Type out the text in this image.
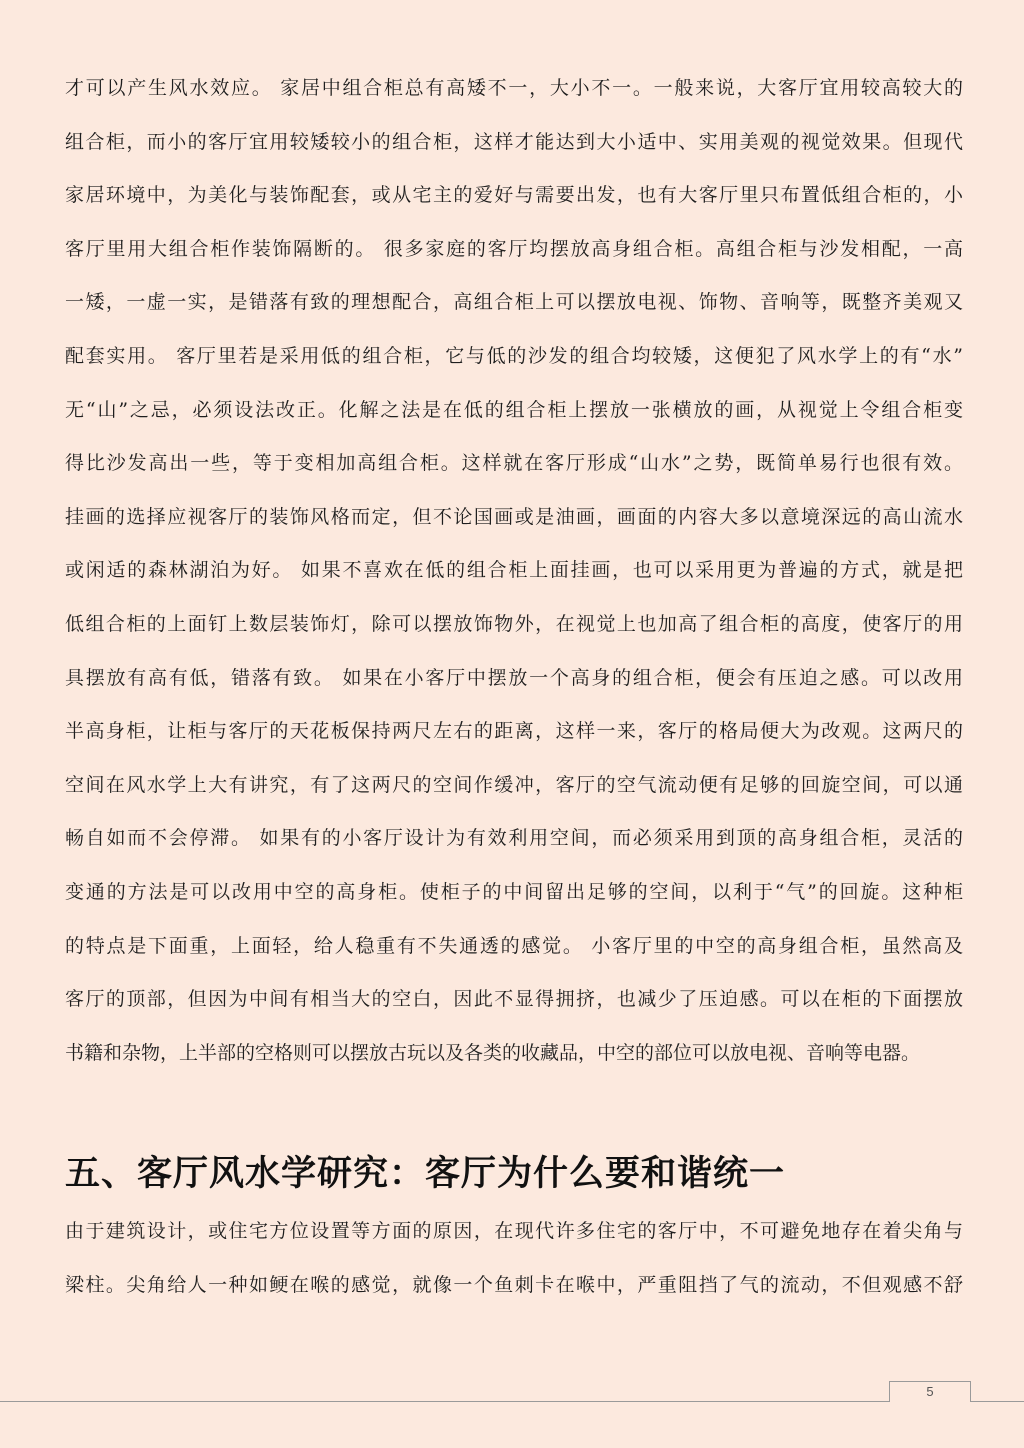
才可以产生风水效应。 家居中组合柜总有高矮不一，大小不一。一般来说，大客厅宜用较高较大的
组合柜，而小的客厅宜用较矮较小的组合柜，这样才能达到大小适中、实用美观的视觉效果。但现代
家居环境中，为美化与装饰配套，或从宅主的爱好与需要出发，也有大客厅里只布置低组合柜的，小
客厅里用大组合柜作装饰隔断的。 很多家庭的客厅均摆放高身组合柜。高组合柜与沙发相配，一高
一矮，一虚一实，是错落有致的理想配合，高组合柜上可以摆放电视、饰物、音响等，既整齐美观又
配套实用。 客厅里若是采用低的组合柜，它与低的沙发的组合均较矮，这便犯了风水学上的有“水”
无“山”之忌，必须设法改正。化解之法是在低的组合柜上摆放一张横放的画，从视觉上令组合柜变
得比沙发高出一些，等于变相加高组合柜。这样就在客厅形成“山水”之势，既简单易行也很有效。
挂画的选择应视客厅的装饰风格而定，但不论国画或是油画，画面的内容大多以意境深远的高山流水
或闲适的森林湖泊为好。 如果不喜欢在低的组合柜上面挂画，也可以采用更为普遍的方式，就是把
低组合柜的上面钉上数层装饰灯，除可以摆放饰物外，在视觉上也加高了组合柜的高度，使客厅的用
具摆放有高有低，错落有致。 如果在小客厅中摆放一个高身的组合柜，便会有压迫之感。可以改用
半高身柜，让柜与客厅的天花板保持两尺左右的距离，这样一来，客厅的格局便大为改观。这两尺的
空间在风水学上大有讲究，有了这两尺的空间作缓冲，客厅的空气流动便有足够的回旋空间，可以通
畅自如而不会停滞。 如果有的小客厅设计为有效利用空间，而必须采用到顶的高身组合柜，灵活的
变通的方法是可以改用中空的高身柜。使柜子的中间留出足够的空间，以利于“气”的回旋。这种柜
的特点是下面重，上面轻，给人稳重有不失通透的感觉。 小客厅里的中空的高身组合柜，虽然高及
客厅的顶部，但因为中间有相当大的空白，因此不显得拥挤，也减少了压迫感。可以在柜的下面摆放
书籍和杂物，上半部的空格则可以摆放古玩以及各类的收藏品，中空的部位可以放电视、音响等电器。
五、客厅风水学研究：客厅为什么要和谐统一
由于建筑设计，或住宅方位设置等方面的原因，在现代许多住宅的客厅中，不可避免地存在着尖角与
梁柱。尖角给人一种如鲠在喉的感觉，就像一个鱼刺卡在喉中，严重阻挡了气的流动，不但观感不舒
5
